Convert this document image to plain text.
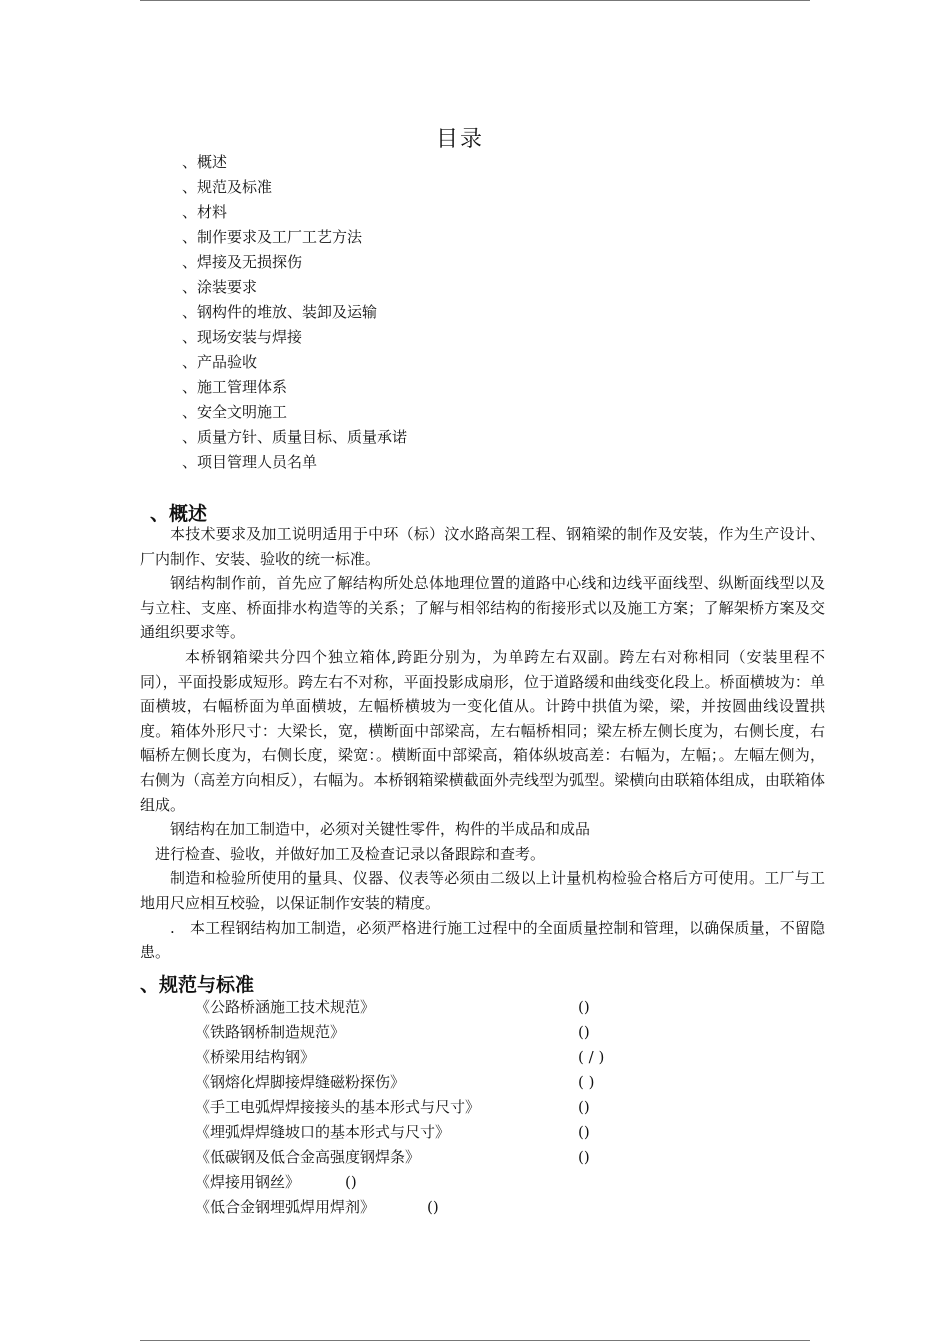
目录
、概述
、规范及标准
、材料
、制作要求及工厂工艺方法
、焊接及无损探伤
、涂装要求
、钢构件的堆放、装卸及运输
、现场安装与焊接
、产品验收
、施工管理体系
、安全文明施工
、质量方针、质量目标、质量承诺
、项目管理人员名单
、概述

本技术要求及加工说明适用于中环（标）汶水路高架工程、钢箱梁的制作及安装，作为生产设计、厂内制作、安装、验收的统一标准。

钢结构制作前，首先应了解结构所处总体地理位置的道路中心线和边线平面线型、纵断面线型以及与立柱、支座、桥面排水构造等的关系；了解与相邻结构的衔接形式以及施工方案；了解架桥方案及交通组织要求等。

本桥钢箱梁共分四个独立箱体,跨距分别为，为单跨左右双副。跨左右对称相同（安装里程不同），平面投影成短形。跨左右不对称，平面投影成扇形，位于道路缓和曲线变化段上。桥面横坡为：单面横坡，右幅桥面为单面横坡，左幅桥横坡为一变化值从。计跨中拱值为梁，梁，并按圆曲线设置拱度。箱体外形尺寸：大梁长，宽，横断面中部梁高，左右幅桥相同；梁左桥左侧长度为，右侧长度，右幅桥左侧长度为，右侧长度，梁宽：。横断面中部梁高，箱体纵坡高差：右幅为，左幅；。左幅左侧为，右侧为（高差方向相反），右幅为。本桥钢箱梁横截面外壳线型为弧型。梁横向由联箱体组成，由联箱体组成。

钢结构在加工制造中，必须对关键性零件，构件的半成品和成品

进行检查、验收，并做好加工及检查记录以备跟踪和查考。

制造和检验所使用的量具、仪器、仪表等必须由二级以上计量机构检验合格后方可使用。工厂与工地用尺应相互校验，以保证制作安装的精度。

.　本工程钢结构加工制造，必须严格进行施工过程中的全面质量控制和管理，以确保质量，不留隐患。

、规范与标准
《公路桥涵施工技术规范》	()
《铁路钢桥制造规范》	()
《桥梁用结构钢》	( / )
《钢熔化焊脚接焊缝磁粉探伤》	( )
《手工电弧焊焊接接头的基本形式与尺寸》	()
《埋弧焊焊缝坡口的基本形式与尺寸》	()
《低碳钢及低合金高强度钢焊条》	()
《焊接用钢丝》	()
《低合金钢埋弧焊用焊剂》	()
